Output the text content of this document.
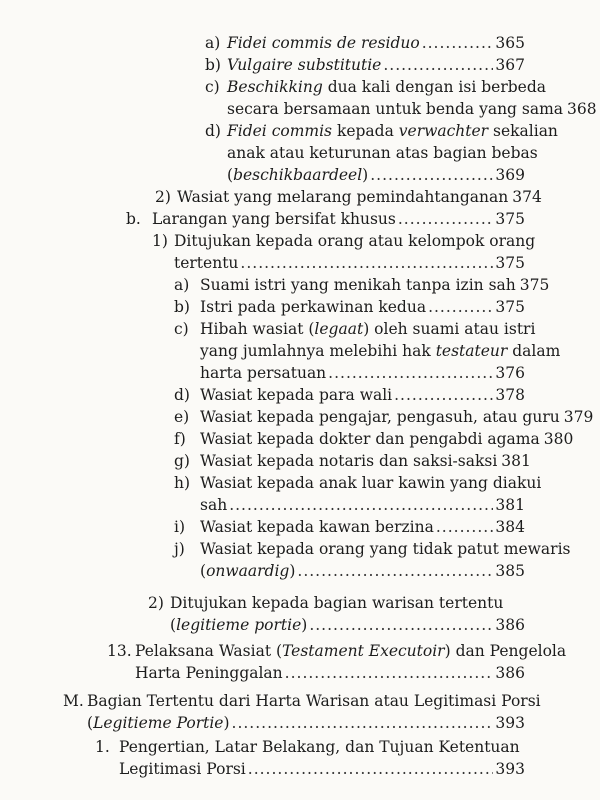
a) Fidei commis de residuo .....	365
b) Vulgaire substitutie .....	367
c) Beschikking dua kali dengan isi berbeda
secara bersamaan untuk benda yang sama 368
d) Fidei commis kepada verwachter sekalian
anak atau keturunan atas bagian bebas
(beschikbaardeel) .....	369
2) Wasiat yang melarang pemindahtanganan 374
b. Larangan yang bersifat khusus .....	375
1) Ditujukan kepada orang atau kelompok orang
tertentu .....	375
a) Suami istri yang menikah tanpa izin sah 375
b) Istri pada perkawinan kedua .....	375
c) Hibah wasiat (legaat) oleh suami atau istri
yang jumlahnya melebihi hak testateur dalam
harta persatuan .....	376
d) Wasiat kepada para wali .....	378
e) Wasiat kepada pengajar, pengasuh, atau guru 379
f) Wasiat kepada dokter dan pengabdi agama 380
g) Wasiat kepada notaris dan saksi-saksi 381
h) Wasiat kepada anak luar kawin yang diakui
sah .....	381
i) Wasiat kepada kawan berzina .....	384
j) Wasiat kepada orang yang tidak patut mewaris
(onwaardig) .....	385
2) Ditujukan kepada bagian warisan tertentu
(legitieme portie) .....	386
13. Pelaksana Wasiat (Testament Executoir) dan Pengelola
Harta Peninggalan .....	386
M. Bagian Tertentu dari Harta Warisan atau Legitimasi Porsi
(Legitieme Portie) .....	393
1. Pengertian, Latar Belakang, dan Tujuan Ketentuan
Legitimasi Porsi .....	393
